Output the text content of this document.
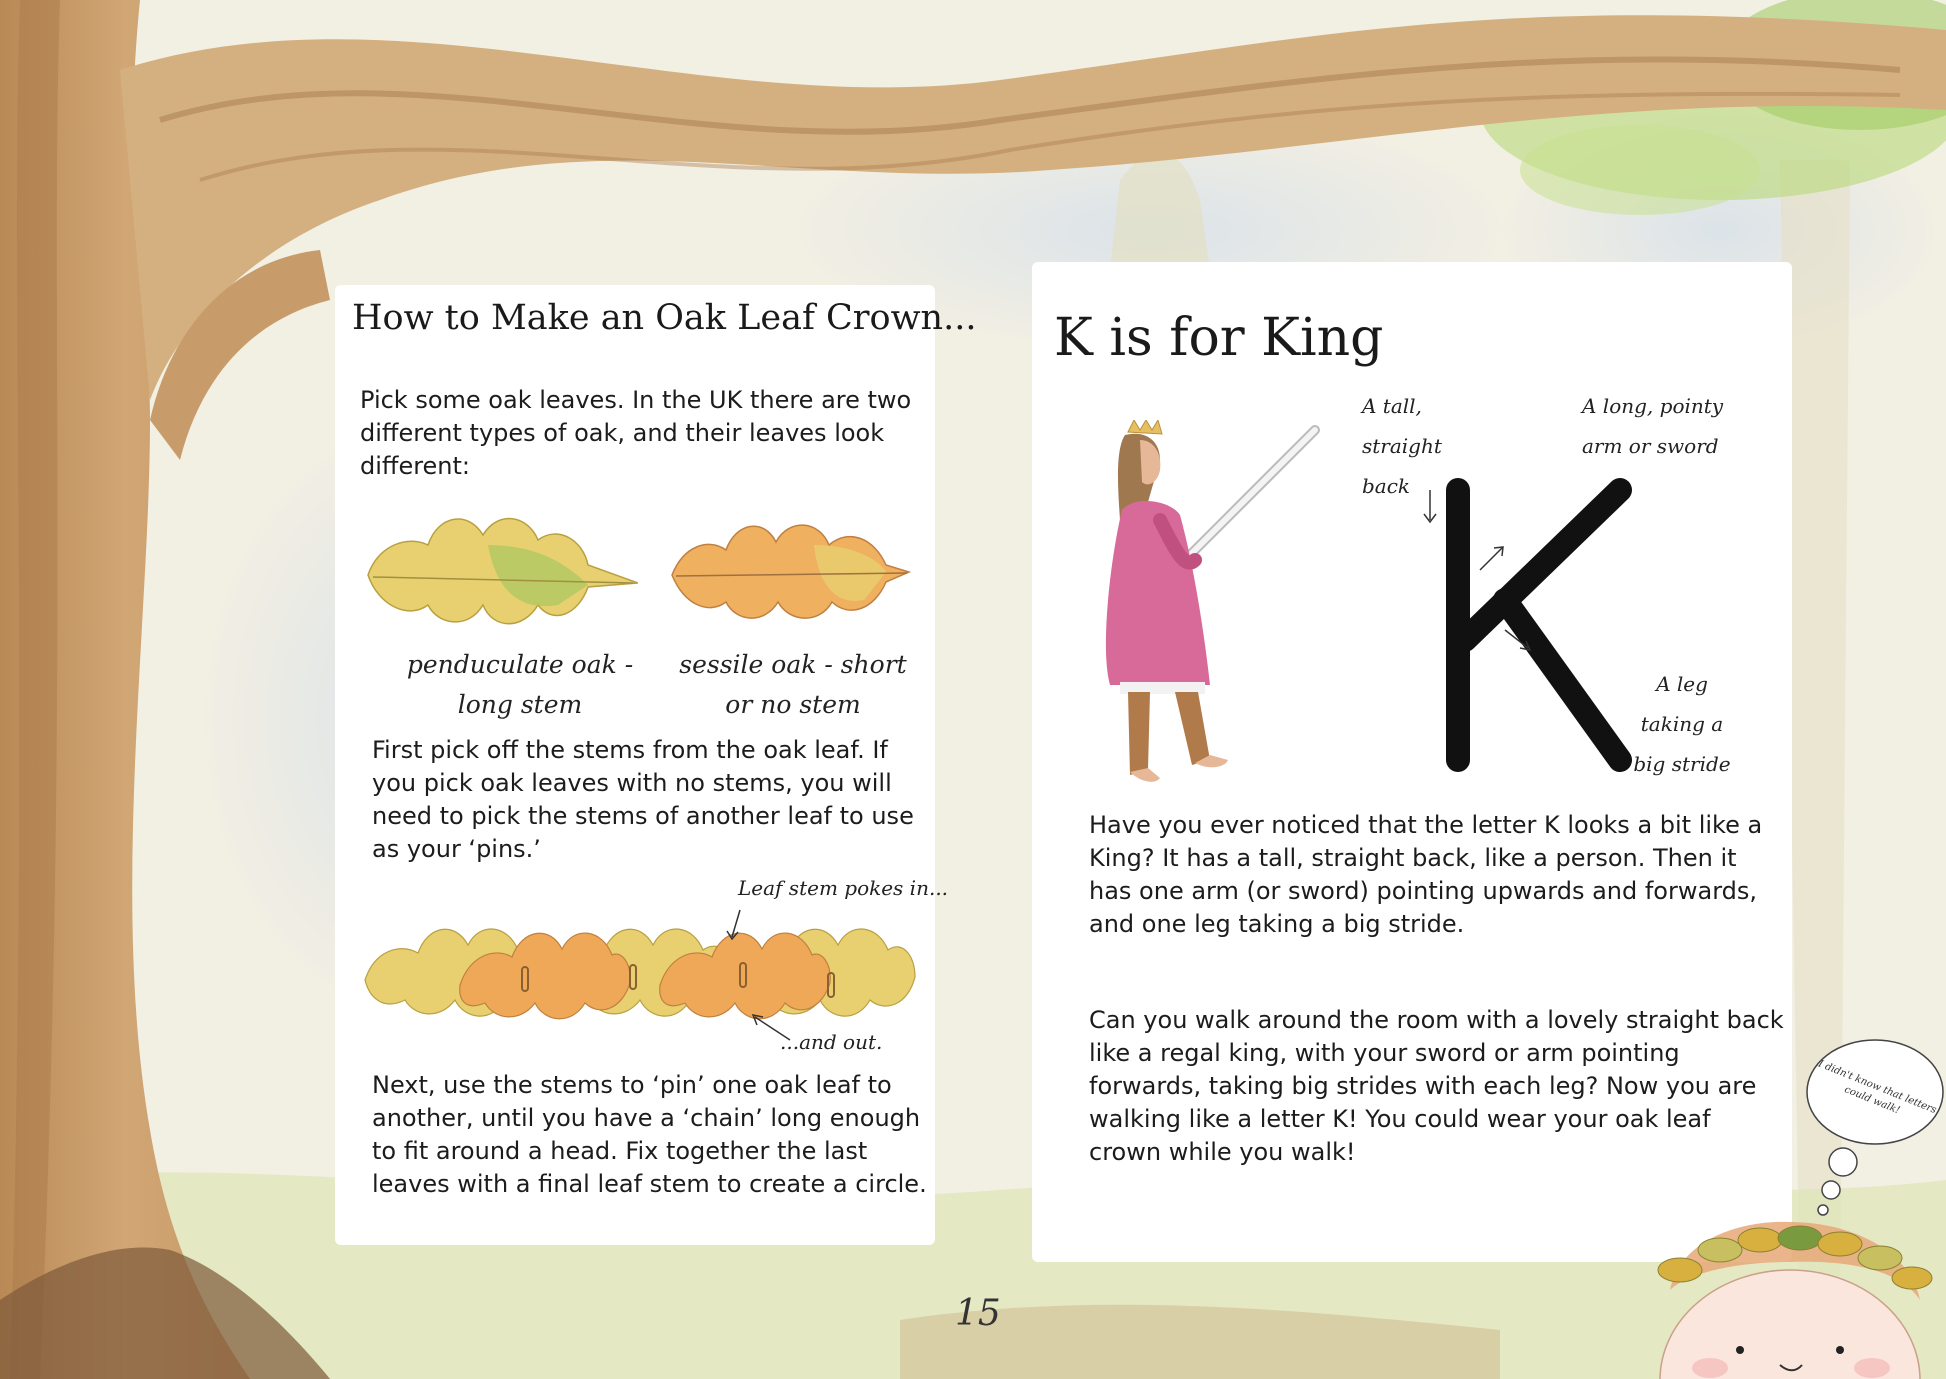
How to Make an Oak Leaf Crown...
Pick some oak leaves. In the UK there are two different types of oak, and their leaves look different:
penduculate oak - long stem
sessile oak - short or no stem
First pick off the stems from the oak leaf. If you pick oak leaves with no stems, you will need to pick the stems of another leaf to use as your ‘pins.’
Leaf stem pokes in...
...and out.
Next, use the stems to ‘pin’ one oak leaf to another, until you have a ‘chain’ long enough to fit around a head. Fix together the last leaves with a final leaf stem to create a circle.
K is for King
A tall, straight back
A long, pointy arm or sword
A leg taking a big stride
Have you ever noticed that the letter K looks a bit like a King? It has a tall, straight back, like a person. Then it has one arm (or sword) pointing upwards and forwards, and one leg taking a big stride.
Can you walk around the room with a lovely straight back like a regal king, with your sword or arm pointing forwards, taking big strides with each leg? Now you are walking like a letter K! You could wear your oak leaf crown while you walk!
I didn't know that letters could walk!
15
